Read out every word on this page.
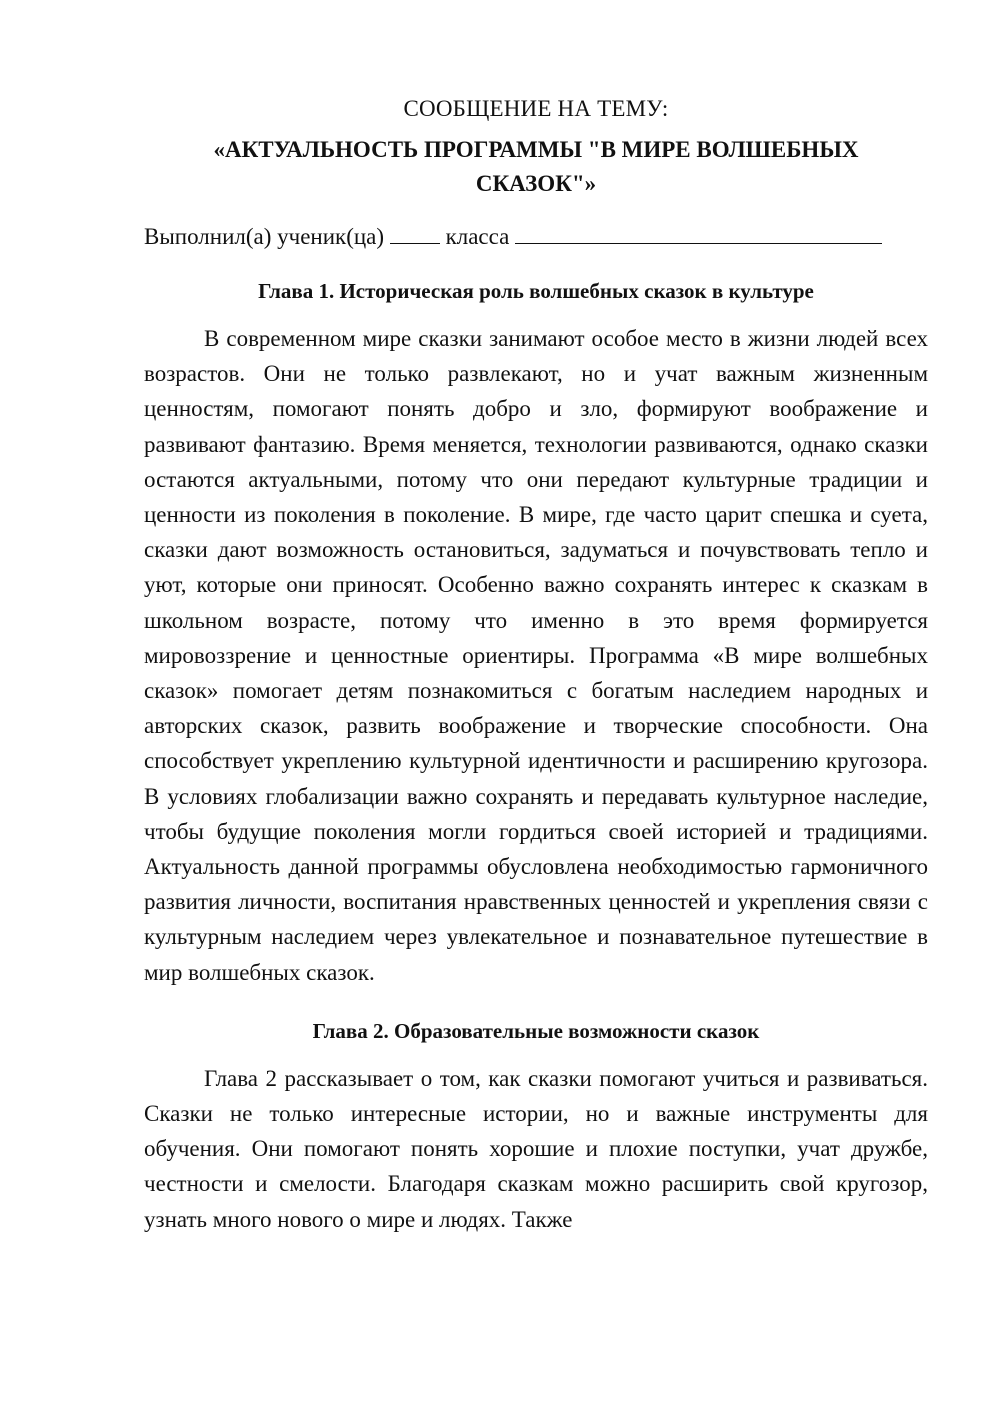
СООБЩЕНИЕ НА ТЕМУ:
«АКТУАЛЬНОСТЬ ПРОГРАММЫ "В МИРЕ ВОЛШЕБНЫХ
СКАЗОК"»
Выполнил(а) ученик(ца)	класса
Глава 1. Историческая роль волшебных сказок в культуре

В современном мире сказки занимают особое место в жизни людей всех возрастов. Они не только развлекают, но и учат важным жизненным ценностям, помогают понять добро и зло, формируют воображение и развивают фантазию. Время меняется, технологии развиваются, однако сказки остаются актуальными, потому что они передают культурные традиции и ценности из поколения в поколение. В мире, где часто царит спешка и суета, сказки дают возможность остановиться, задуматься и почувствовать тепло и уют, которые они приносят. Особенно важно сохранять интерес к сказкам в школьном возрасте, потому что именно в это время формируется мировоззрение и ценностные ориентиры. Программа «В мире волшебных сказок» помогает детям познакомиться с богатым наследием народных и авторских сказок, развить воображение и творческие способности. Она способствует укреплению культурной идентичности и расширению кругозора. В условиях глобализации важно сохранять и передавать культурное наследие, чтобы будущие поколения могли гордиться своей историей и традициями. Актуальность данной программы обусловлена необходимостью гармоничного развития личности, воспитания нравственных ценностей и укрепления связи с культурным наследием через увлекательное и познавательное путешествие в мир волшебных сказок.

Глава 2. Образовательные возможности сказок

Глава 2 рассказывает о том, как сказки помогают учиться и развиваться. Сказки не только интересные истории, но и важные инструменты для обучения. Они помогают понять хорошие и плохие поступки, учат дружбе, честности и смелости. Благодаря сказкам можно расширить свой кругозор, узнать много нового о мире и людях. Также
